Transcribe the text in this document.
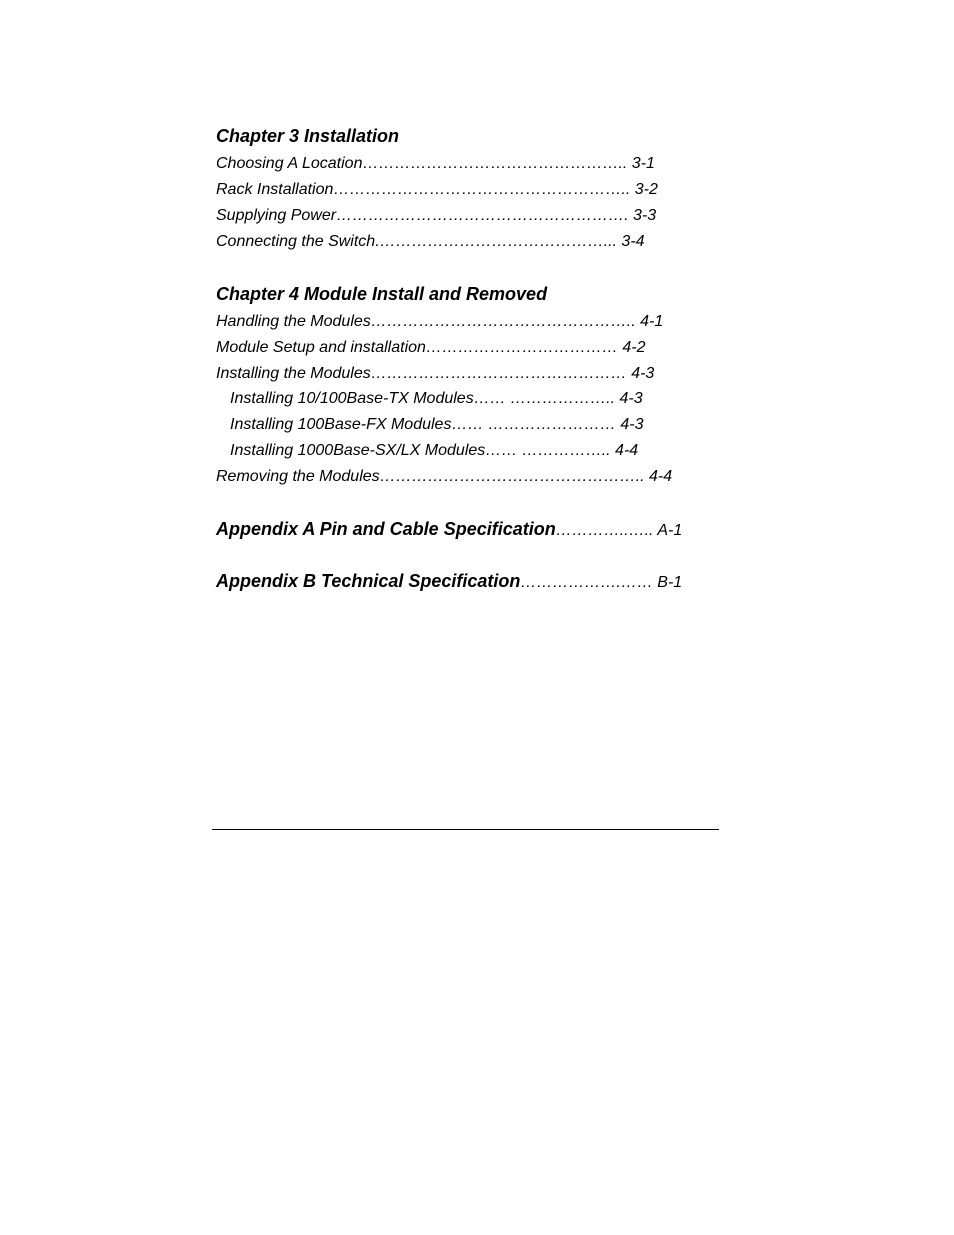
Chapter 3 Installation
Choosing A Location………………………………………….. 3-1
Rack Installation……………………………………………….. 3-2
Supplying Power………………………………………………. 3-3
Connecting the Switch.……………………………………... 3-4
Chapter 4 Module Install and Removed
Handling the Modules………………………………………….. 4-1
Module Setup and installation……………………………… 4-2
Installing the Modules………………………………………… 4-3
Installing 10/100Base-TX Modules…… ……………….. 4-3
Installing 100Base-FX Modules…… …………………… 4-3
Installing 1000Base-SX/LX Modules…… …………….. 4-4
Removing the Modules………………………………………….. 4-4
Appendix A Pin and Cable Specification…………..….. A-1
Appendix B Technical Specification……………….…… B-1
